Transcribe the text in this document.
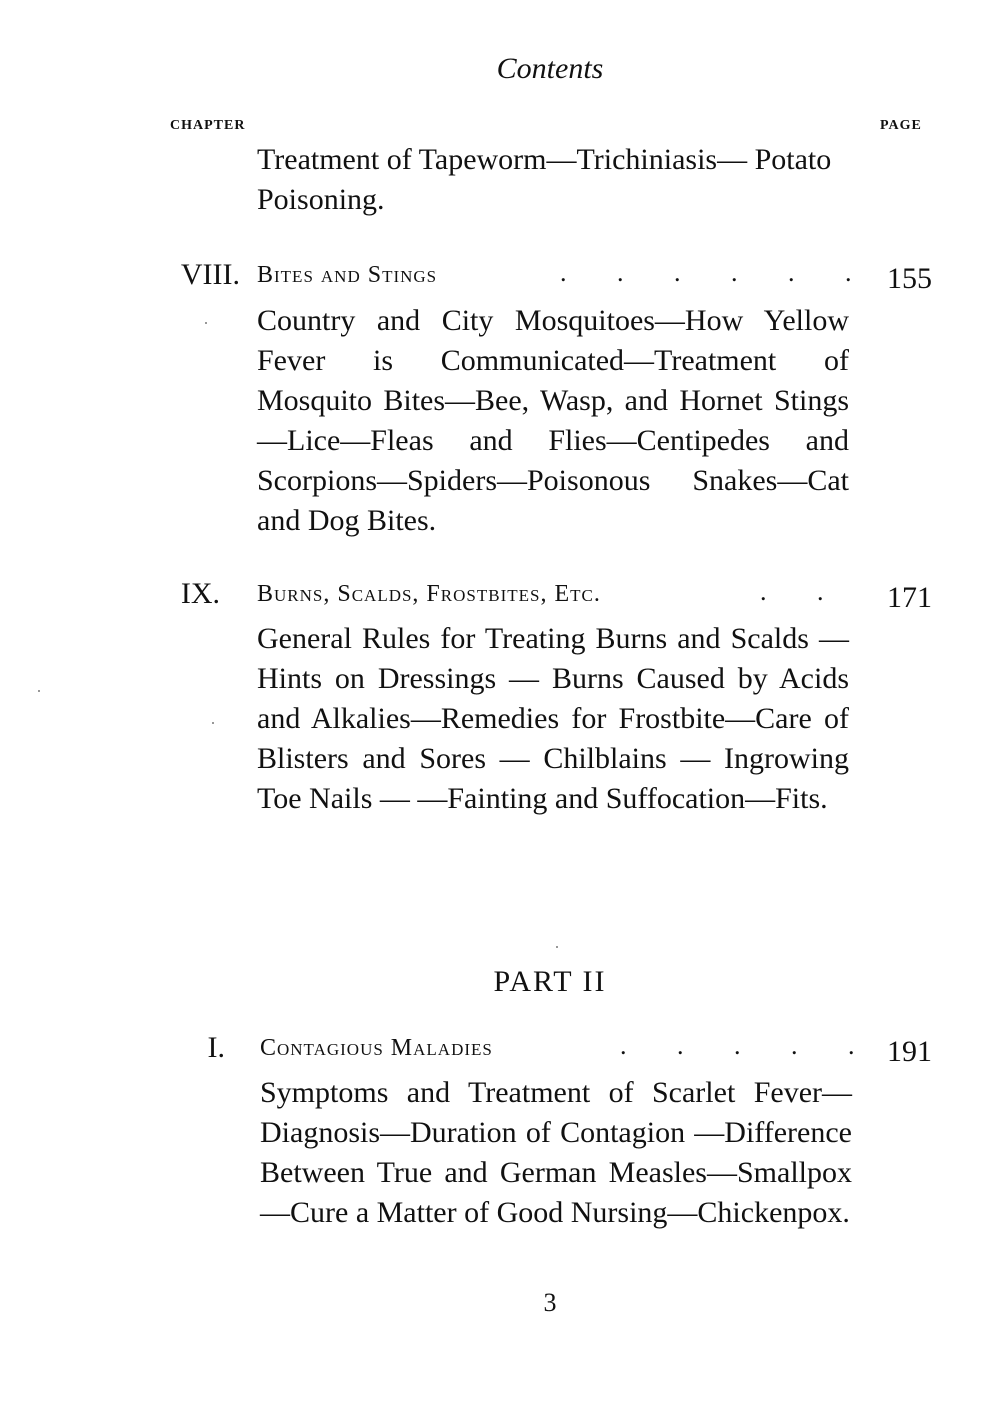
Contents
CHAPTER	PAGE
Treatment of Tapeworm—Trichiniasis— Potato Poisoning.
VIII. Bites and Stings	. . . . . . 155
Country and City Mosquitoes—How Yellow Fever is Communicated—Treatment of Mosquito Bites—Bee, Wasp, and Hornet Stings—Lice—Fleas and Flies—Centipedes and Scorpions—Spiders—Poisonous Snakes—Cat and Dog Bites.
IX. Burns, Scalds, Frostbites, Etc.	. .	171
General Rules for Treating Burns and Scalds — Hints on Dressings — Burns Caused by Acids and Alkalies—Remedies for Frostbite—Care of Blisters and Sores — Chilblains — Ingrowing Toe Nails — —Fainting and Suffocation—Fits.
PART II
I. Contagious Maladies	. . . . . 191
Symptoms and Treatment of Scarlet Fever—Diagnosis—Duration of Contagion —Difference Between True and German Measles—Smallpox—Cure a Matter of Good Nursing—Chickenpox.
3
